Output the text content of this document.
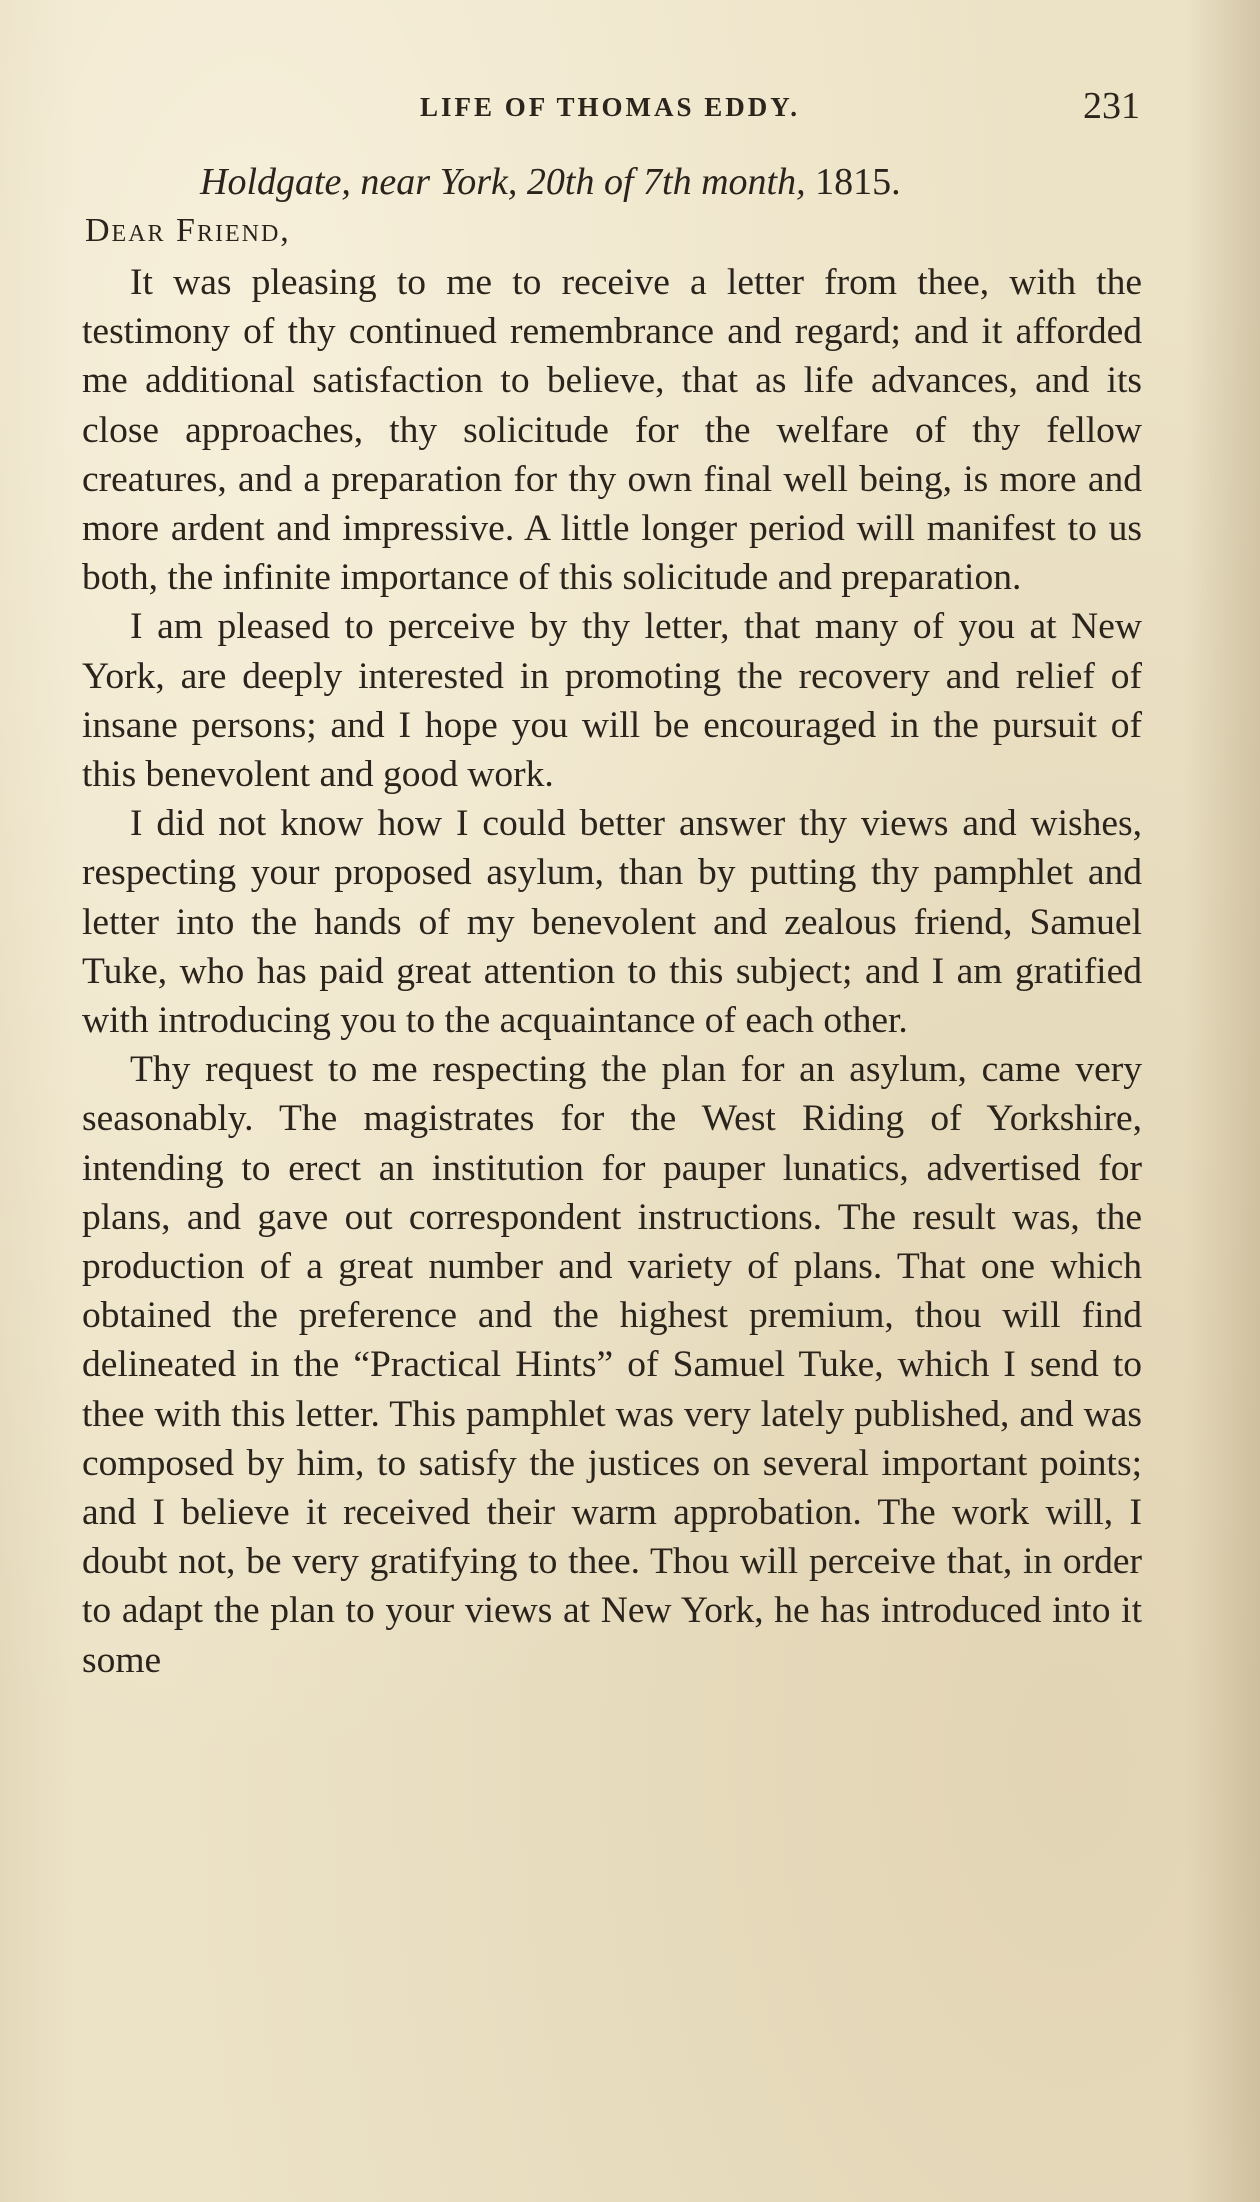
LIFE OF THOMAS EDDY.	231
Holdgate, near York, 20th of 7th month, 1815.
Dear Friend,

It was pleasing to me to receive a letter from thee, with the testimony of thy continued remembrance and regard; and it afforded me additional satisfaction to believe, that as life advances, and its close approaches, thy solicitude for the welfare of thy fellow creatures, and a preparation for thy own final well being, is more and more ardent and impressive. A little longer period will manifest to us both, the infinite importance of this solicitude and preparation.

I am pleased to perceive by thy letter, that many of you at New York, are deeply interested in promoting the recovery and relief of insane persons; and I hope you will be encouraged in the pursuit of this benevolent and good work.

I did not know how I could better answer thy views and wishes, respecting your proposed asylum, than by putting thy pamphlet and letter into the hands of my benevolent and zealous friend, Samuel Tuke, who has paid great attention to this subject; and I am gratified with introducing you to the acquaintance of each other.

Thy request to me respecting the plan for an asylum, came very seasonably. The magistrates for the West Riding of Yorkshire, intending to erect an institution for pauper lunatics, advertised for plans, and gave out correspondent instructions. The result was, the production of a great number and variety of plans. That one which obtained the preference and the highest premium, thou will find delineated in the “Practical Hints” of Samuel Tuke, which I send to thee with this letter. This pamphlet was very lately published, and was composed by him, to satisfy the justices on several important points; and I believe it received their warm approbation. The work will, I doubt not, be very gratifying to thee. Thou will perceive that, in order to adapt the plan to your views at New York, he has introduced into it some
